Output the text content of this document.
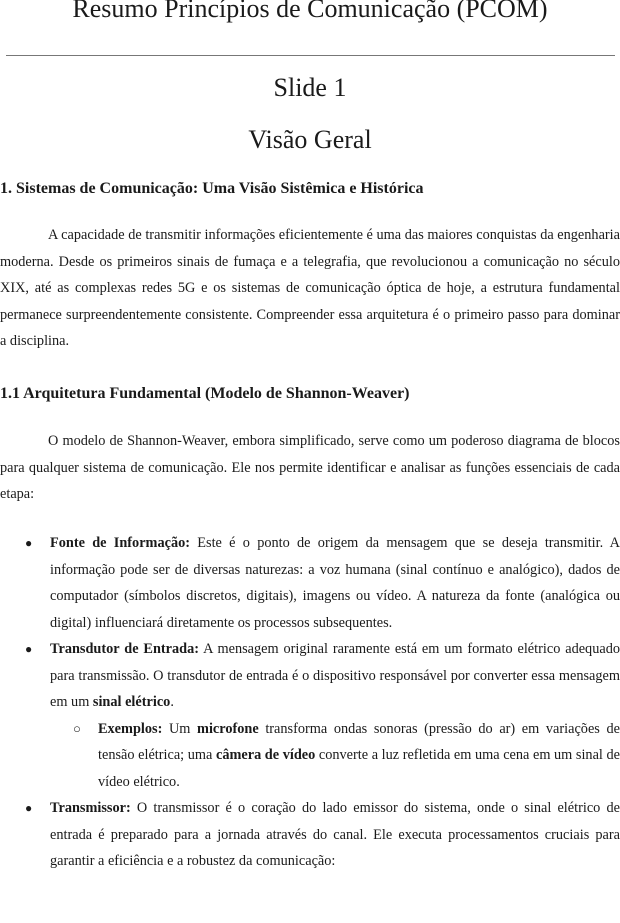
Resumo Princípios de Comunicação (PCOM)
Slide 1
Visão Geral
1. Sistemas de Comunicação: Uma Visão Sistêmica e Histórica

A capacidade de transmitir informações eficientemente é uma das maiores conquistas da engenharia moderna. Desde os primeiros sinais de fumaça e a telegrafia, que revolucionou a comunicação no século XIX, até as complexas redes 5G e os sistemas de comunicação óptica de hoje, a estrutura fundamental permanece surpreendentemente consistente. Compreender essa arquitetura é o primeiro passo para dominar a disciplina.

1.1 Arquitetura Fundamental (Modelo de Shannon-Weaver)

O modelo de Shannon-Weaver, embora simplificado, serve como um poderoso diagrama de blocos para qualquer sistema de comunicação. Ele nos permite identificar e analisar as funções essenciais de cada etapa:

● Fonte de Informação: Este é o ponto de origem da mensagem que se deseja transmitir. A informação pode ser de diversas naturezas: a voz humana (sinal contínuo e analógico), dados de computador (símbolos discretos, digitais), imagens ou vídeo. A natureza da fonte (analógica ou digital) influenciará diretamente os processos subsequentes.
● Transdutor de Entrada: A mensagem original raramente está em um formato elétrico adequado para transmissão. O transdutor de entrada é o dispositivo responsável por converter essa mensagem em um sinal elétrico.
○ Exemplos: Um microfone transforma ondas sonoras (pressão do ar) em variações de tensão elétrica; uma câmera de vídeo converte a luz refletida em uma cena em um sinal de vídeo elétrico.
● Transmissor: O transmissor é o coração do lado emissor do sistema, onde o sinal elétrico de entrada é preparado para a jornada através do canal. Ele executa processamentos cruciais para garantir a eficiência e a robustez da comunicação:
